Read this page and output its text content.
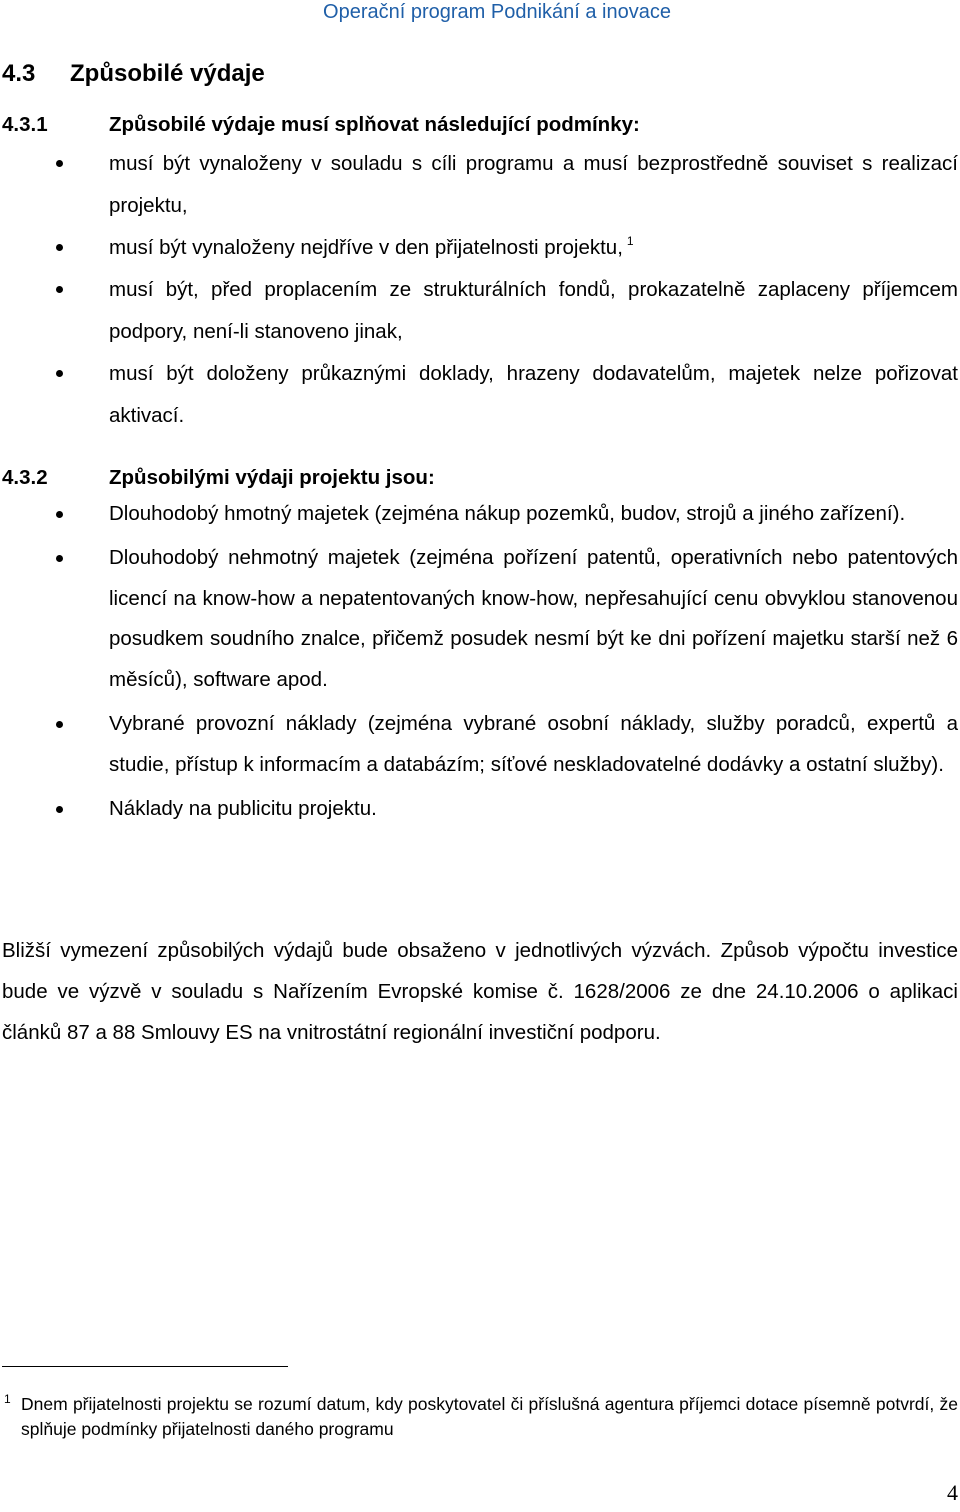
Operační program Podnikání a inovace
4.3 Způsobilé výdaje
4.3.1	Způsobilé výdaje musí splňovat následující podmínky:
musí být vynaloženy v souladu s cíli programu a musí bezprostředně souviset s realizací projektu,
musí být vynaloženy nejdříve v den přijatelnosti projektu, $^1$
musí být, před proplacením ze strukturálních fondů, prokazatelně zaplaceny příjemcem podpory, není-li stanoveno jinak,
musí být doloženy průkaznými doklady, hrazeny dodavatelům, majetek nelze pořizovat aktivací.
4.3.2	Způsobilými výdaji projektu jsou:
Dlouhodobý hmotný majetek (zejména nákup pozemků, budov, strojů a jiného zařízení).
Dlouhodobý nehmotný majetek (zejména pořízení patentů, operativních nebo patentových licencí na know-how a nepatentovaných know-how, nepřesahující cenu obvyklou stanovenou posudkem soudního znalce, přičemž posudek nesmí být ke dni pořízení majetku starší než 6 měsíců), software apod.
Vybrané provozní náklady (zejména vybrané osobní náklady, služby poradců, expertů a studie, přístup k informacím a databázím; síťové neskladovatelné dodávky a ostatní služby).
Náklady na publicitu projektu.

Bližší vymezení způsobilých výdajů bude obsaženo v jednotlivých výzvách. Způsob výpočtu investice bude ve výzvě v souladu s Nařízením Evropské komise č. 1628/2006 ze dne 24.10.2006 o aplikaci článků 87 a 88 Smlouvy ES na vnitrostátní regionální investiční podporu.

1 Dnem přijatelnosti projektu se rozumí datum, kdy poskytovatel či příslušná agentura příjemci dotace písemně potvrdí, že splňuje podmínky přijatelnosti daného programu

4
